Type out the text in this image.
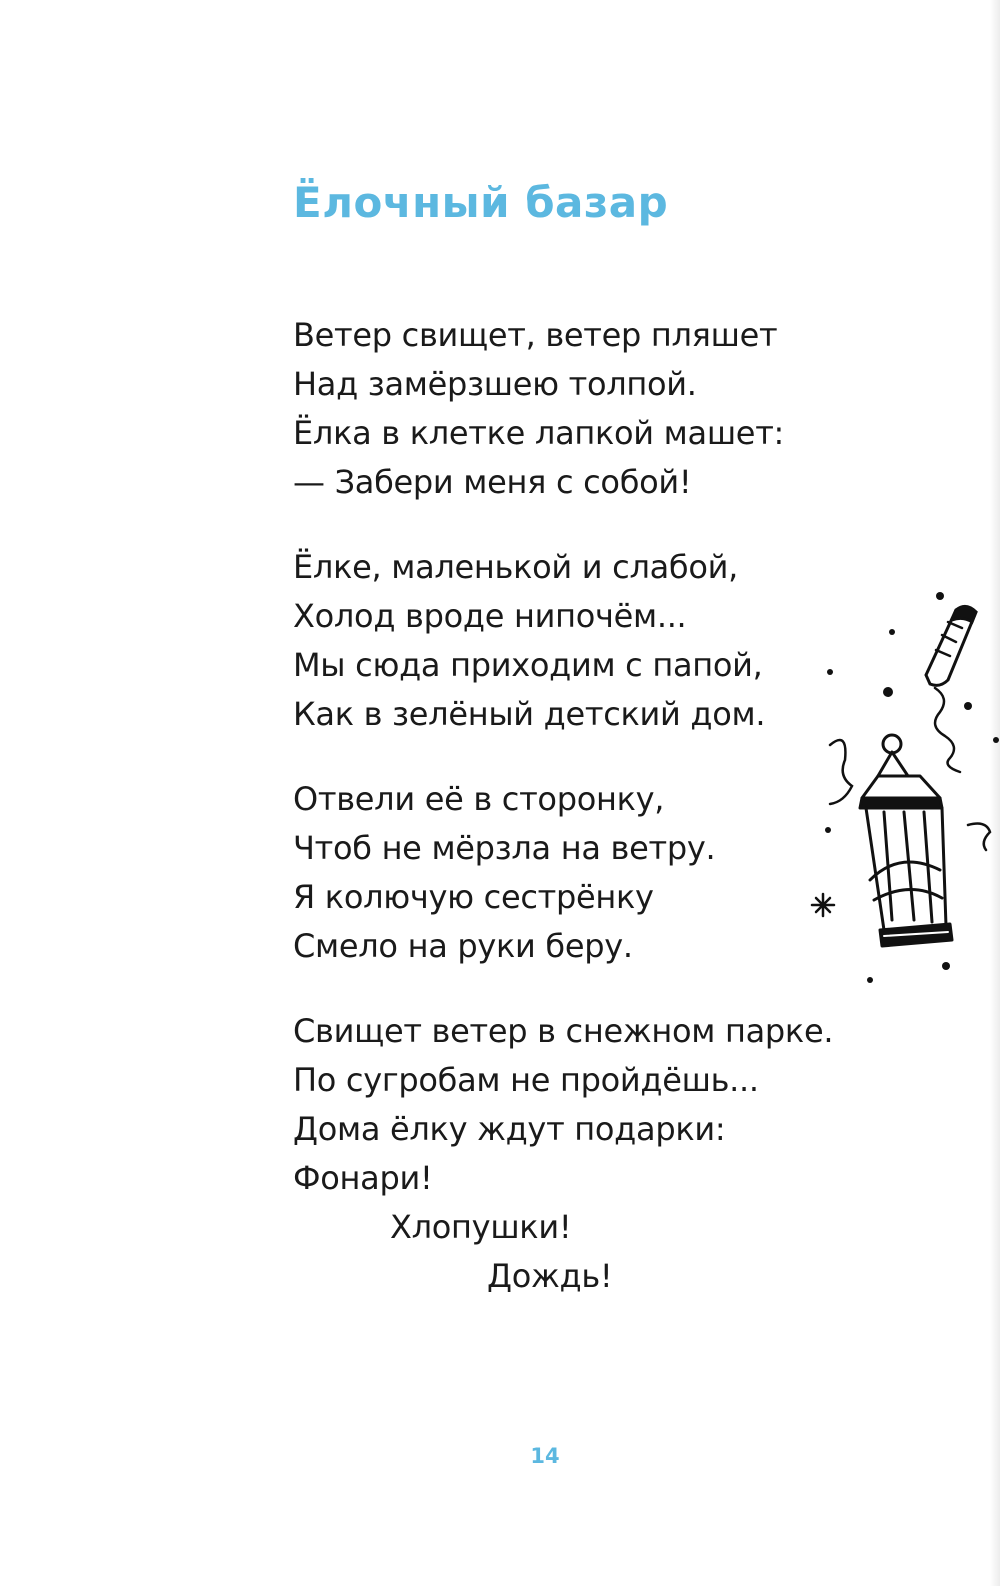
Ёлочный базар
Ветер свищет, ветер пляшет
Над замёрзшею толпой.
Ёлка в клетке лапкой машет:
— Забери меня с собой!
Ёлке, маленькой и слабой,
Холод вроде нипочём...
Мы сюда приходим с папой,
Как в зелёный детский дом.
Отвели её в сторонку,
Чтоб не мёрзла на ветру.
Я колючую сестрёнку
Смело на руки беру.
Свищет ветер в снежном парке.
По сугробам не пройдёшь...
Дома ёлку ждут подарки:
Фонари!
Хлопушки!
Дождь!
14
